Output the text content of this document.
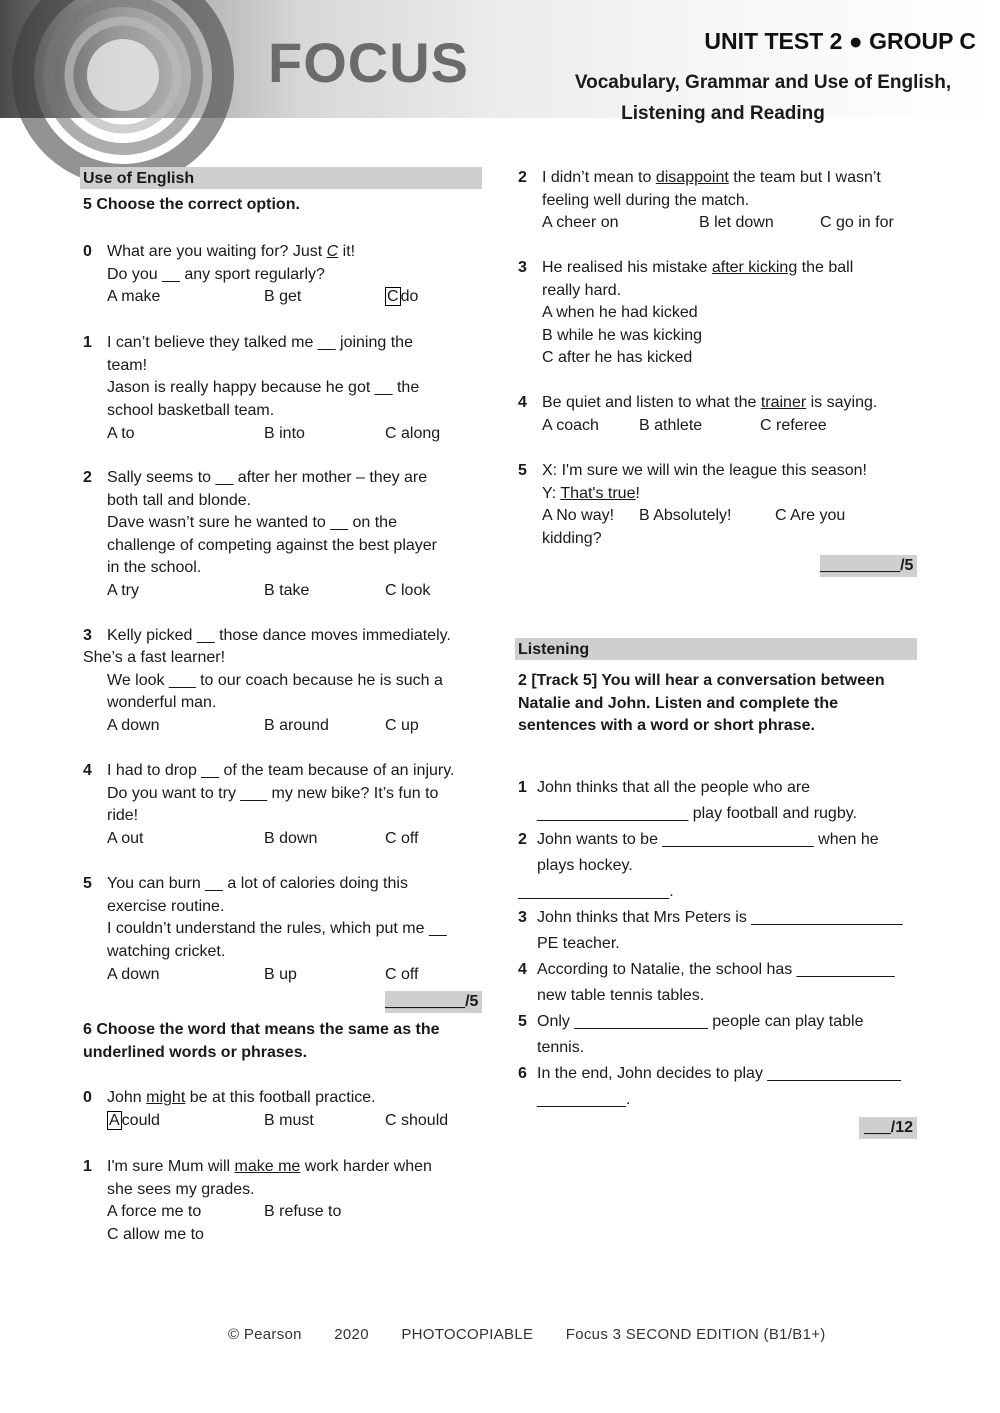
FOCUS	UNIT TEST 2 ● GROUP C
Vocabulary, Grammar and Use of English,
Listening and Reading
Use of English
5 Choose the correct option.
0 What are you waiting for? Just C it!
Do you __ any sport regularly?
A make	B get	C do
1 I can’t believe they talked me __ joining the
team!
Jason is really happy because he got __ the
school basketball team.
A to	B into	C along
2 Sally seems to __ after her mother – they are
both tall and blonde.
Dave wasn’t sure he wanted to __ on the
challenge of competing against the best player
in the school.
A try	B take	C look
3 Kelly picked __ those dance moves immediately.
She’s a fast learner!
We look ___ to our coach because he is such a
wonderful man.
A down	B around	C up
4 I had to drop __ of the team because of an injury.
Do you want to try ___ my new bike? It’s fun to
ride!
A out	B down	C off
5 You can burn __ a lot of calories doing this
exercise routine.
I couldn’t understand the rules, which put me __
watching cricket.
A down	B up	C off
_________/5
6 Choose the word that means the same as the
underlined words or phrases.
0 John might be at this football practice.
A could	B must	C should
1 I'm sure Mum will make me work harder when
she sees my grades.
A force me to	B refuse to
C allow me to
2 I didn’t mean to disappoint the team but I wasn’t
feeling well during the match.
A cheer on	B let down	C go in for
3 He realised his mistake after kicking the ball
really hard.
A when he had kicked
B while he was kicking
C after he has kicked
4 Be quiet and listen to what the trainer is saying.
A coach	B athlete	C referee
5 X: I'm sure we will win the league this season!
Y: That's true!
A No way! B Absolutely!	C Are you
kidding?
_________/5
Listening
2 [Track 5] You will hear a conversation between
Natalie and John. Listen and complete the
sentences with a word or short phrase.
1 John thinks that all the people who are
_________________ play football and rugby.
2 John wants to be _________________ when he
plays hockey.
_________________.
3 John thinks that Mrs Peters is _________________
PE teacher.
4 According to Natalie, the school has ___________
new table tennis tables.
5 Only _______________ people can play table
tennis.
6 In the end, John decides to play _______________
__________.
___/12
© Pearson 2020 PHOTOCOPIABLE Focus 3 SECOND EDITION (B1/B1+)
